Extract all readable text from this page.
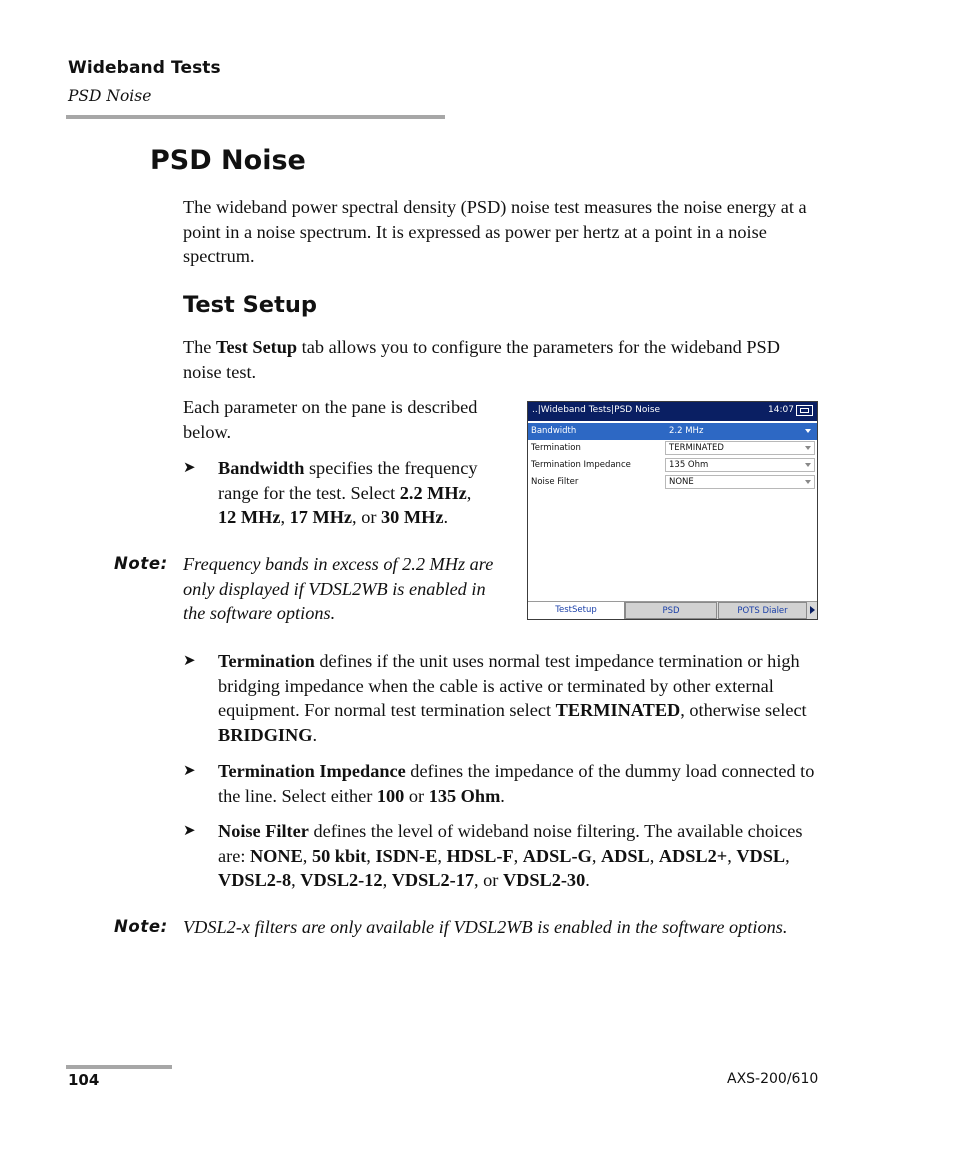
Wideband Tests
PSD Noise
PSD Noise
The wideband power spectral density (PSD) noise test measures the noise energy at a point in a noise spectrum. It is expressed as power per hertz at a point in a noise spectrum.
Test Setup
The Test Setup tab allows you to configure the parameters for the wideband PSD noise test.
Each parameter on the pane is described below.
➤ Bandwidth specifies the frequency range for the test. Select 2.2 MHz,
12 MHz, 17 MHz, or 30 MHz.
Note: Frequency bands in excess of 2.2 MHz are only displayed if VDSL2WB is enabled in the software options.
..|Wideband Tests|PSD Noise	14:07
Bandwidth	2.2 MHz
Termination	TERMINATED
Termination Impedance	135 Ohm
Noise Filter	NONE
TestSetup	PSD	POTS Dialer
➤ Termination defines if the unit uses normal test impedance termination or high bridging impedance when the cable is active or terminated by other external equipment. For normal test termination select TERMINATED, otherwise select BRIDGING.
➤ Termination Impedance defines the impedance of the dummy load connected to the line. Select either 100 or 135 Ohm.
➤ Noise Filter defines the level of wideband noise filtering. The available choices are: NONE, 50 kbit, ISDN-E, HDSL-F, ADSL-G, ADSL, ADSL2+, VDSL, VDSL2-8, VDSL2-12, VDSL2-17, or VDSL2-30.
Note: VDSL2-x filters are only available if VDSL2WB is enabled in the software options.
104	AXS-200/610
